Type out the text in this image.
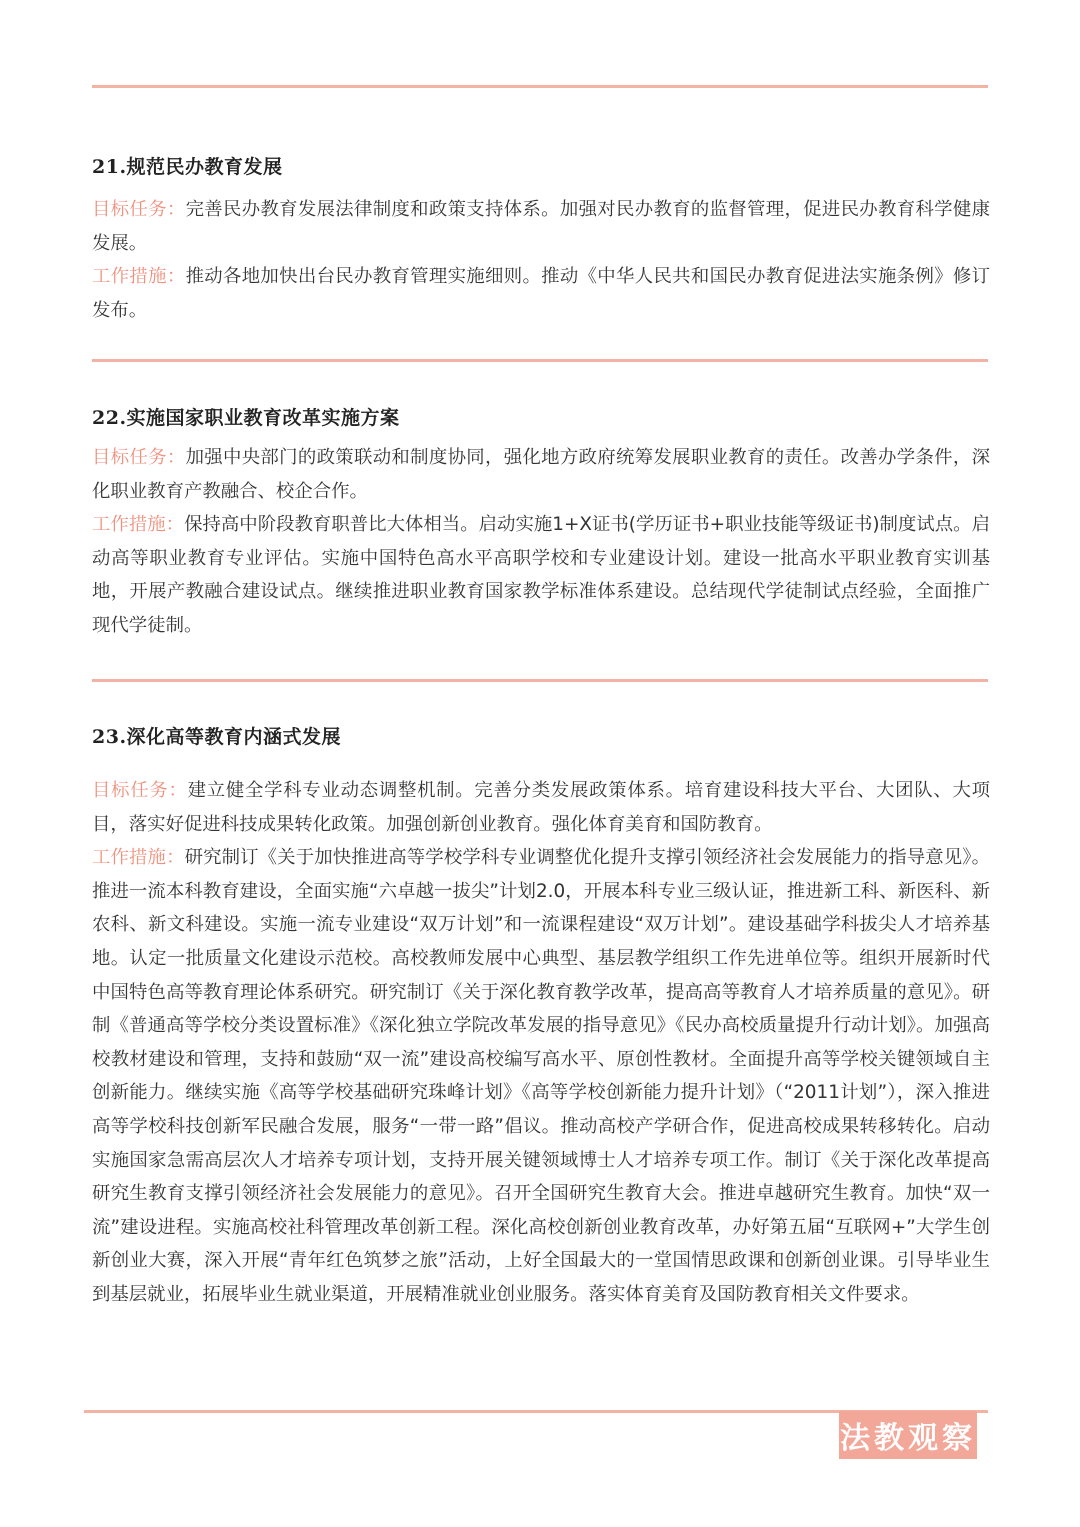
21.规范民办教育发展

目标任务：完善民办教育发展法律制度和政策支持体系。加强对民办教育的监督管理，促进民办教育科学健康发展。

工作措施：推动各地加快出台民办教育管理实施细则。推动《中华人民共和国民办教育促进法实施条例》修订发布。

22.实施国家职业教育改革实施方案

目标任务：加强中央部门的政策联动和制度协同，强化地方政府统筹发展职业教育的责任。改善办学条件，深化职业教育产教融合、校企合作。

工作措施：保持高中阶段教育职普比大体相当。启动实施1+X证书(学历证书+职业技能等级证书)制度试点。启动高等职业教育专业评估。实施中国特色高水平高职学校和专业建设计划。建设一批高水平职业教育实训基地，开展产教融合建设试点。继续推进职业教育国家教学标准体系建设。总结现代学徒制试点经验，全面推广现代学徒制。

23.深化高等教育内涵式发展

目标任务：建立健全学科专业动态调整机制。完善分类发展政策体系。培育建设科技大平台、大团队、大项目，落实好促进科技成果转化政策。加强创新创业教育。强化体育美育和国防教育。

工作措施：研究制订《关于加快推进高等学校学科专业调整优化提升支撑引领经济社会发展能力的指导意见》。推进一流本科教育建设，全面实施“六卓越一拔尖”计划2.0，开展本科专业三级认证，推进新工科、新医科、新农科、新文科建设。实施一流专业建设“双万计划”和一流课程建设“双万计划”。建设基础学科拔尖人才培养基地。认定一批质量文化建设示范校。高校教师发展中心典型、基层教学组织工作先进单位等。组织开展新时代中国特色高等教育理论体系研究。研究制订《关于深化教育教学改革，提高高等教育人才培养质量的意见》。研制《普通高等学校分类设置标准》《深化独立学院改革发展的指导意见》《民办高校质量提升行动计划》。加强高校教材建设和管理，支持和鼓励“双一流”建设高校编写高水平、原创性教材。全面提升高等学校关键领域自主创新能力。继续实施《高等学校基础研究珠峰计划》《高等学校创新能力提升计划》（“2011计划”），深入推进高等学校科技创新军民融合发展，服务“一带一路”倡议。推动高校产学研合作，促进高校成果转移转化。启动实施国家急需高层次人才培养专项计划，支持开展关键领域博士人才培养专项工作。制订《关于深化改革提高研究生教育支撑引领经济社会发展能力的意见》。召开全国研究生教育大会。推进卓越研究生教育。加快“双一流”建设进程。实施高校社科管理改革创新工程。深化高校创新创业教育改革，办好第五届“互联网+”大学生创新创业大赛，深入开展“青年红色筑梦之旅”活动，上好全国最大的一堂国情思政课和创新创业课。引导毕业生到基层就业，拓展毕业生就业渠道，开展精准就业创业服务。落实体育美育及国防教育相关文件要求。

法教观察
